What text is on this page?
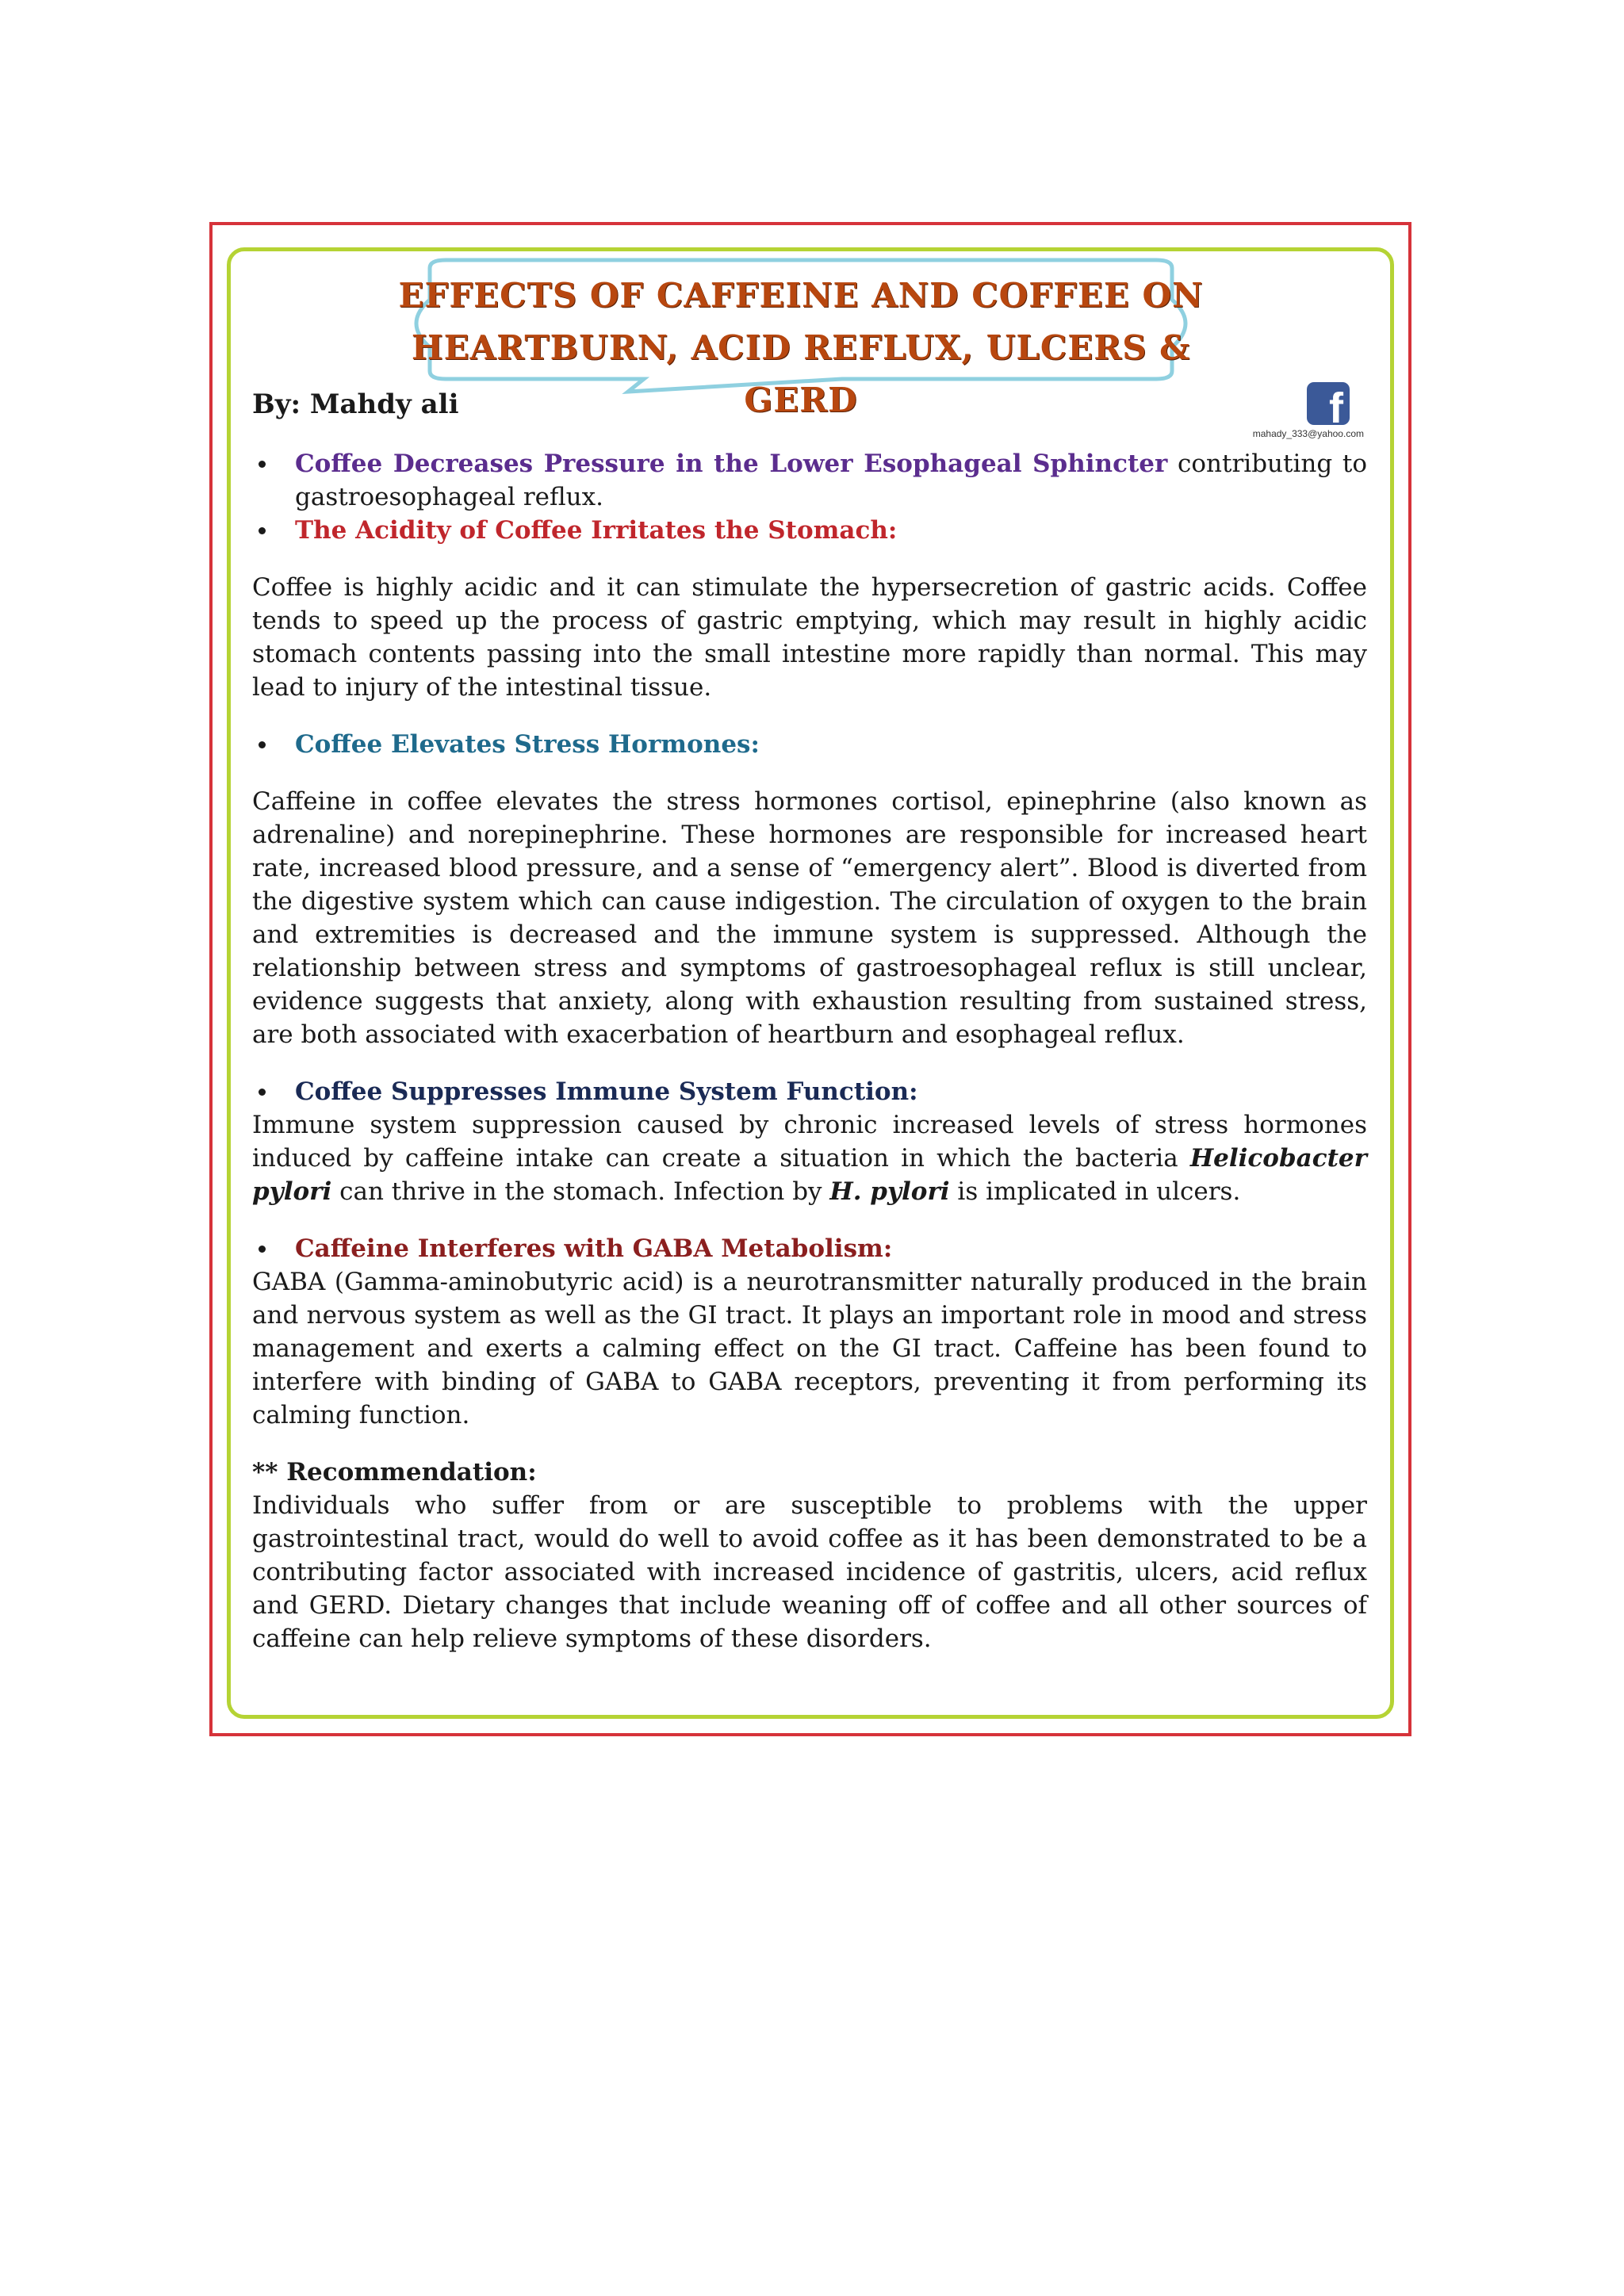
EFFECTS OF CAFFEINE AND COFFEE ON
HEARTBURN, ACID REFLUX, ULCERS & GERD
By: Mahdy ali	f
mahady_333@yahoo.com
Coffee Decreases Pressure in the Lower Esophageal Sphincter contributing to gastroesophageal reflux.
The Acidity of Coffee Irritates the Stomach:

Coffee is highly acidic and it can stimulate the hypersecretion of gastric acids. Coffee tends to speed up the process of gastric emptying, which may result in highly acidic stomach contents passing into the small intestine more rapidly than normal. This may lead to injury of the intestinal tissue.

Coffee Elevates Stress Hormones:

Caffeine in coffee elevates the stress hormones cortisol, epinephrine (also known as adrenaline) and norepinephrine. These hormones are responsible for increased heart rate, increased blood pressure, and a sense of “emergency alert”. Blood is diverted from the digestive system which can cause indigestion. The circulation of oxygen to the brain and extremities is decreased and the immune system is suppressed. Although the relationship between stress and symptoms of gastroesophageal reflux is still unclear, evidence suggests that anxiety, along with exhaustion resulting from sustained stress, are both associated with exacerbation of heartburn and esophageal reflux.

Coffee Suppresses Immune System Function:

Immune system suppression caused by chronic increased levels of stress hormones induced by caffeine intake can create a situation in which the bacteria Helicobacter pylori can thrive in the stomach. Infection by H. pylori is implicated in ulcers.

Caffeine Interferes with GABA Metabolism:

GABA (Gamma-aminobutyric acid) is a neurotransmitter naturally produced in the brain and nervous system as well as the GI tract. It plays an important role in mood and stress management and exerts a calming effect on the GI tract. Caffeine has been found to interfere with binding of GABA to GABA receptors, preventing it from performing its calming function.

** Recommendation:

Individuals who suffer from or are susceptible to problems with the upper gastrointestinal tract, would do well to avoid coffee as it has been demonstrated to be a contributing factor associated with increased incidence of gastritis, ulcers, acid reflux and GERD. Dietary changes that include weaning off of coffee and all other sources of caffeine can help relieve symptoms of these disorders.
